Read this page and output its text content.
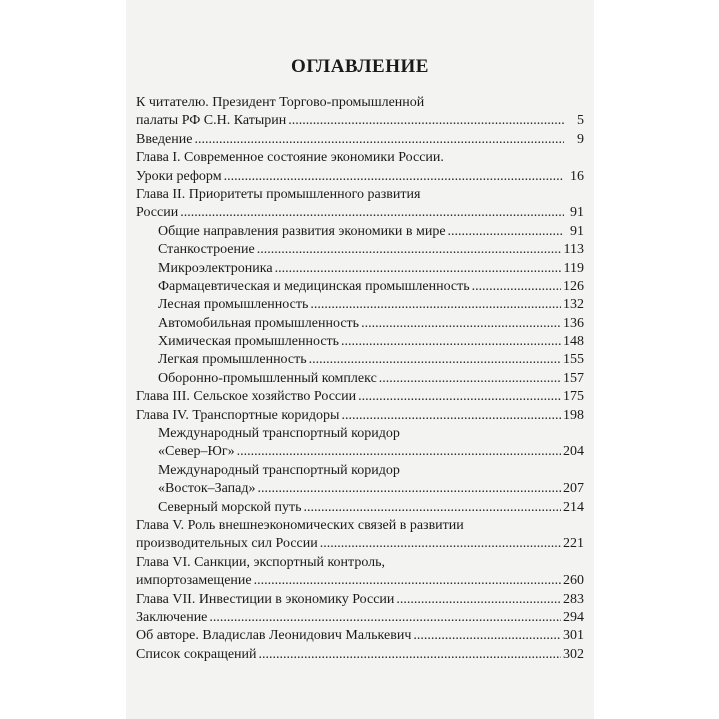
ОГЛАВЛЕНИЕ
К читателю. Президент Торгово-промышленной
палаты РФ С.Н. Катырин .....	5
Введение .....	9
Глава I. Современное состояние экономики России.
Уроки реформ .....	16
Глава II. Приоритеты промышленного развития
России .....	91
Общие направления развития экономики в мире .....	91
Станкостроение .....	113
Микроэлектроника .....	119
Фармацевтическая и медицинская промышленность .....	126
Лесная промышленность .....	132
Автомобильная промышленность .....	136
Химическая промышленность .....	148
Легкая промышленность .....	155
Оборонно-промышленный комплекс .....	157
Глава III. Сельское хозяйство России .....	175
Глава IV. Транспортные коридоры .....	198
Международный транспортный коридор
«Север–Юг» .....	204
Международный транспортный коридор
«Восток–Запад» .....	207
Северный морской путь .....	214
Глава V. Роль внешнеэкономических связей в развитии
производительных сил России .....	221
Глава VI. Санкции, экспортный контроль,
импортозамещение .....	260
Глава VII. Инвестиции в экономику России .....	283
Заключение .....	294
Об авторе. Владислав Леонидович Малькевич .....	301
Список сокращений .....	302
